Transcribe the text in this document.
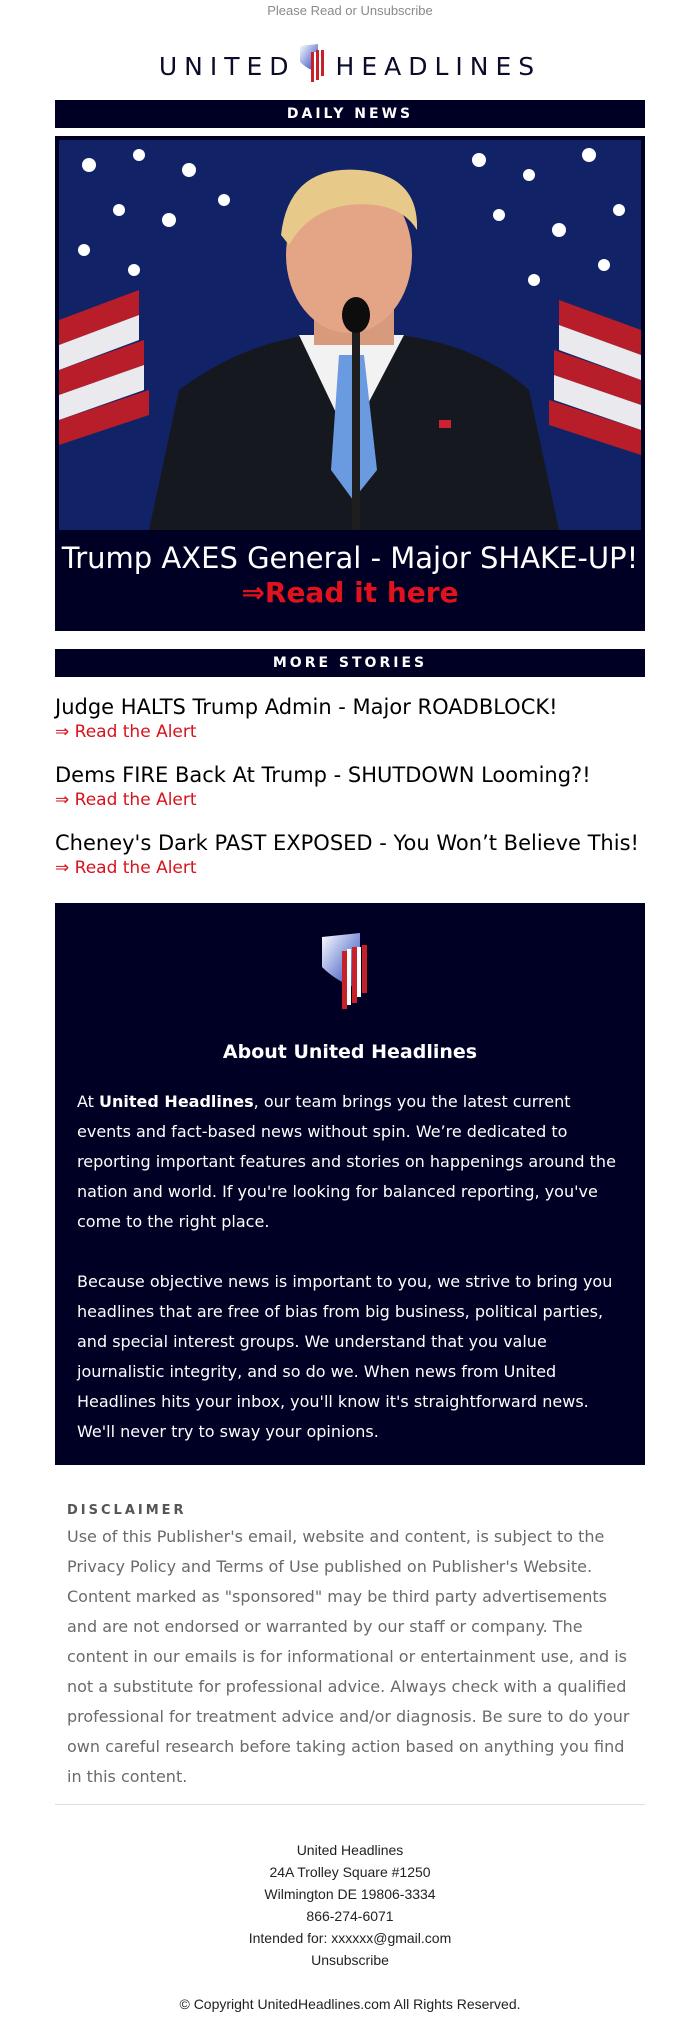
Please Read or Unsubscribe
UNITED HEADLINES
DAILY NEWS
Trump AXES General - Major SHAKE-UP!
⇒Read it here
MORE STORIES
Judge HALTS Trump Admin - Major ROADBLOCK!
⇒ Read the Alert
Dems FIRE Back At Trump - SHUTDOWN Looming?!
⇒ Read the Alert
Cheney's Dark PAST EXPOSED - You Won’t Believe This!
⇒ Read the Alert
About United Headlines

At United Headlines, our team brings you the latest current events and fact-based news without spin. We’re dedicated to reporting important features and stories on happenings around the nation and world. If you're looking for balanced reporting, you've come to the right place.

Because objective news is important to you, we strive to bring you headlines that are free of bias from big business, political parties, and special interest groups. We understand that you value journalistic integrity, and so do we. When news from United Headlines hits your inbox, you'll know it's straightforward news. We'll never try to sway your opinions.

DISCLAIMER
Use of this Publisher's email, website and content, is subject to the Privacy Policy and Terms of Use published on Publisher's Website. Content marked as "sponsored" may be third party advertisements and are not endorsed or warranted by our staff or company. The content in our emails is for informational or entertainment use, and is not a substitute for professional advice. Always check with a qualified professional for treatment advice and/or diagnosis. Be sure to do your own careful research before taking action based on anything you find in this content.
United Headlines
24A Trolley Square #1250
Wilmington DE 19806-3334
866-274-6071
Intended for: xxxxxx@gmail.com
Unsubscribe
© Copyright UnitedHeadlines.com All Rights Reserved.
